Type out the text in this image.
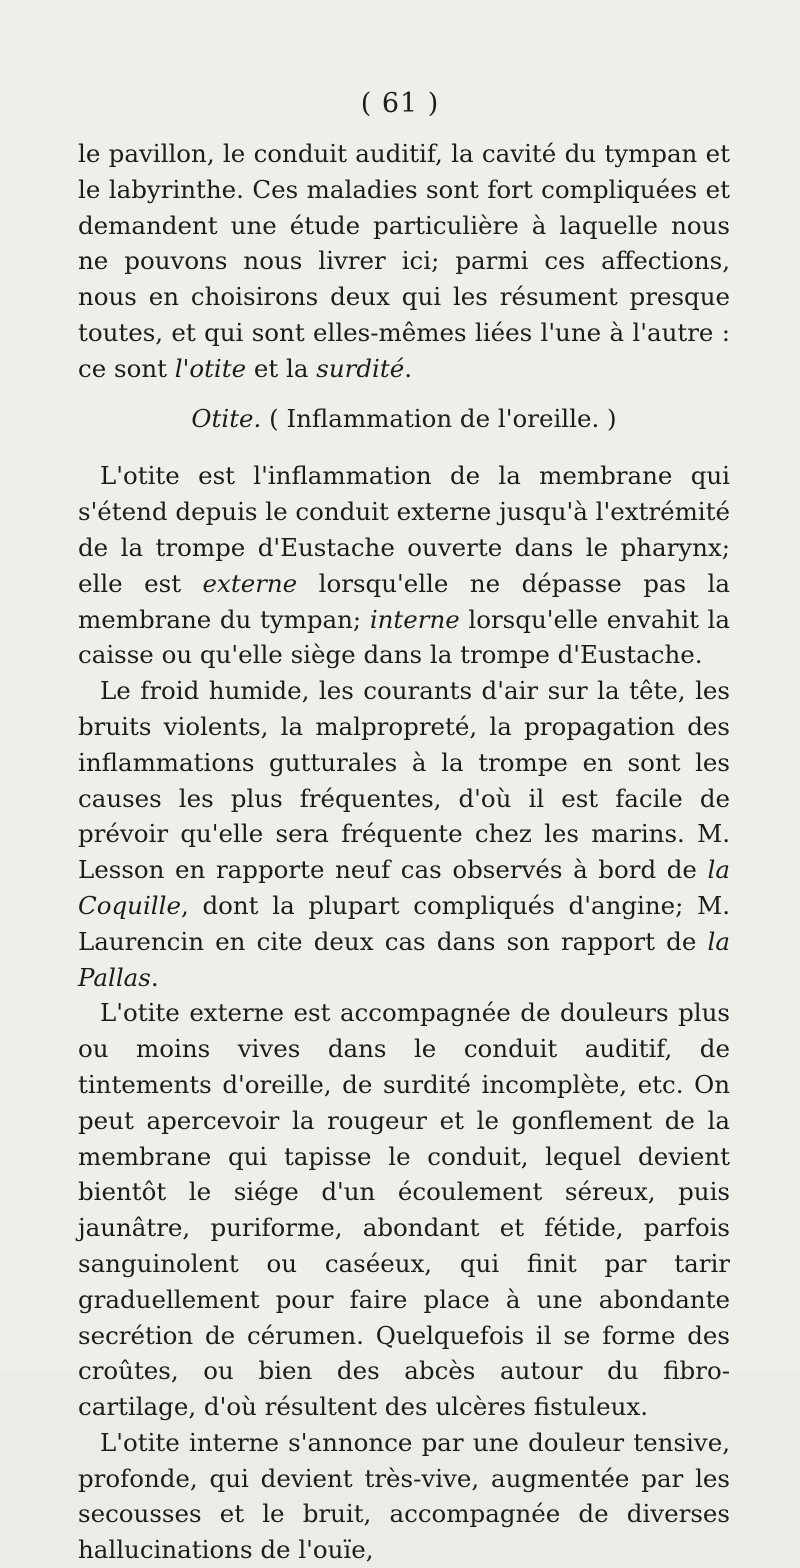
( 61 )

le pavillon, le conduit auditif, la cavité du tympan et le labyrinthe. Ces maladies sont fort compliquées et demandent une étude particulière à laquelle nous ne pouvons nous livrer ici; parmi ces affections, nous en choisirons deux qui les résument presque toutes, et qui sont elles-mêmes liées l'une à l'autre : ce sont l'otite et la surdité.

Otite. ( Inflammation de l'oreille. )

L'otite est l'inflammation de la membrane qui s'étend depuis le conduit externe jusqu'à l'extrémité de la trompe d'Eustache ouverte dans le pharynx; elle est externe lorsqu'elle ne dépasse pas la membrane du tympan; interne lorsqu'elle envahit la caisse ou qu'elle siège dans la trompe d'Eustache.

Le froid humide, les courants d'air sur la tête, les bruits violents, la malpropreté, la propagation des inflammations gutturales à la trompe en sont les causes les plus fréquentes, d'où il est facile de prévoir qu'elle sera fréquente chez les marins. M. Lesson en rapporte neuf cas observés à bord de la Coquille, dont la plupart compliqués d'angine; M. Laurencin en cite deux cas dans son rapport de la Pallas.

L'otite externe est accompagnée de douleurs plus ou moins vives dans le conduit auditif, de tintements d'oreille, de surdité incomplète, etc. On peut apercevoir la rougeur et le gonflement de la membrane qui tapisse le conduit, lequel devient bientôt le siége d'un écoulement séreux, puis jaunâtre, puriforme, abondant et fétide, parfois sanguinolent ou caséeux, qui finit par tarir graduellement pour faire place à une abondante secrétion de cérumen. Quelquefois il se forme des croûtes, ou bien des abcès autour du fibro-cartilage, d'où résultent des ulcères fistuleux.

L'otite interne s'annonce par une douleur tensive, profonde, qui devient très-vive, augmentée par les secousses et le bruit, accompagnée de diverses hallucinations de l'ouïe,
